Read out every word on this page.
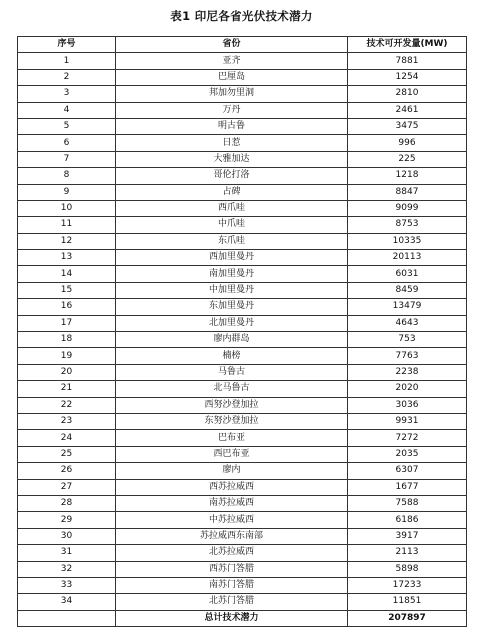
表1 印尼各省光伏技术潜力
序号	省份	技术可开发量(MW)
1	亚齐	7881
2	巴厘岛	1254
3	邦加勿里洞	2810
4	万丹	2461
5	明古鲁	3475
6	日惹	996
7	大雅加达	225
8	哥伦打洛	1218
9	占碑	8847
10	西爪哇	9099
11	中爪哇	8753
12	东爪哇	10335
13	西加里曼丹	20113
14	南加里曼丹	6031
15	中加里曼丹	8459
16	东加里曼丹	13479
17	北加里曼丹	4643
18	廖内群岛	753
19	楠榜	7763
20	马鲁古	2238
21	北马鲁古	2020
22	西努沙登加拉	3036
23	东努沙登加拉	9931
24	巴布亚	7272
25	西巴布亚	2035
26	廖内	6307
27	西苏拉威西	1677
28	南苏拉威西	7588
29	中苏拉威西	6186
30	苏拉威西东南部	3917
31	北苏拉威西	2113
32	西苏门答腊	5898
33	南苏门答腊	17233
34	北苏门答腊	11851
	总计技术潜力	207897
